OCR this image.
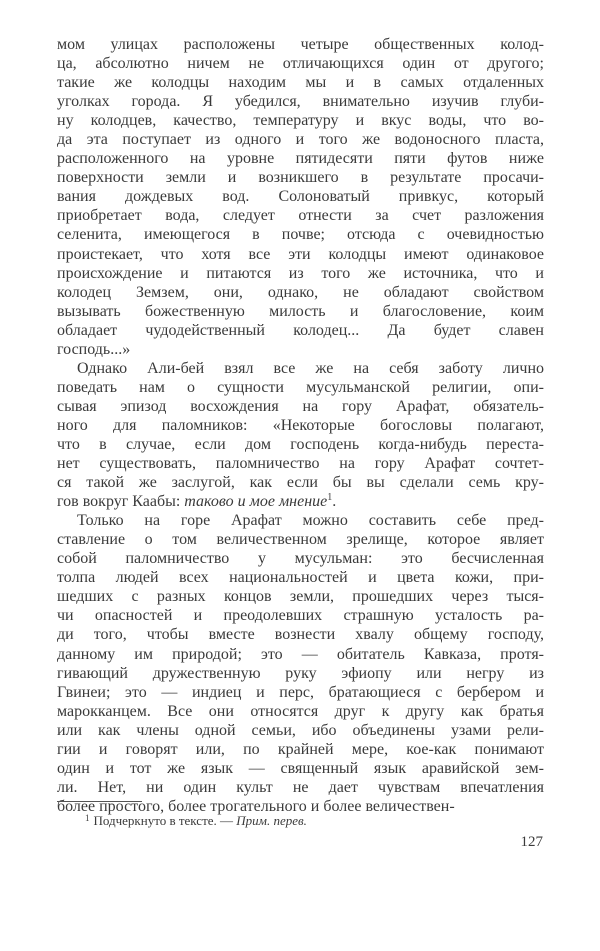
мом улицах расположены четыре общественных колод-
ца, абсолютно ничем не отличающихся один от другого;
такие же колодцы находим мы и в самых отдаленных
уголках города. Я убедился, внимательно изучив глуби-
ну колодцев, качество, температуру и вкус воды, что во-
да эта поступает из одного и того же водоносного пласта,
расположенного на уровне пятидесяти пяти футов ниже
поверхности земли и возникшего в результате просачи-
вания дождевых вод. Солоноватый привкус, который
приобретает вода, следует отнести за счет разложения
селенита, имеющегося в почве; отсюда с очевидностью
проистекает, что хотя все эти колодцы имеют одинаковое
происхождение и питаются из того же источника, что и
колодец Земзем, они, однако, не обладают свойством
вызывать божественную милость и благословение, коим
обладает чудодейственный колодец... Да будет славен
господь...»
Однако Али-бей взял все же на себя заботу лично
поведать нам о сущности мусульманской религии, опи-
сывая эпизод восхождения на гору Арафат, обязатель-
ного для паломников: «Некоторые богословы полагают,
что в случае, если дом господень когда-нибудь переста-
нет существовать, паломничество на гору Арафат сочтет-
ся такой же заслугой, как если бы вы сделали семь кру-
гов вокруг Каабы: таково и мое мнение$^1$.
Только на горе Арафат можно составить себе пред-
ставление о том величественном зрелище, которое являет
собой паломничество у мусульман: это бесчисленная
толпа людей всех национальностей и цвета кожи, при-
шедших с разных концов земли, прошедших через тыся-
чи опасностей и преодолевших страшную усталость ра-
ди того, чтобы вместе вознести хвалу общему господу,
данному им природой; это — обитатель Кавказа, протя-
гивающий дружественную руку эфиопу или негру из
Гвинеи; это — индиец и перс, братающиеся с бербером и
марокканцем. Все они относятся друг к другу как братья
или как члены одной семьи, ибо объединены узами рели-
гии и говорят или, по крайней мере, кое-как понимают
один и тот же язык — священный язык аравийской зем-
ли. Нет, ни один культ не дает чувствам впечатления
более простого, более трогательного и более величествен-
$^1$ Подчеркнуто в тексте. — Прим. перев.
127
